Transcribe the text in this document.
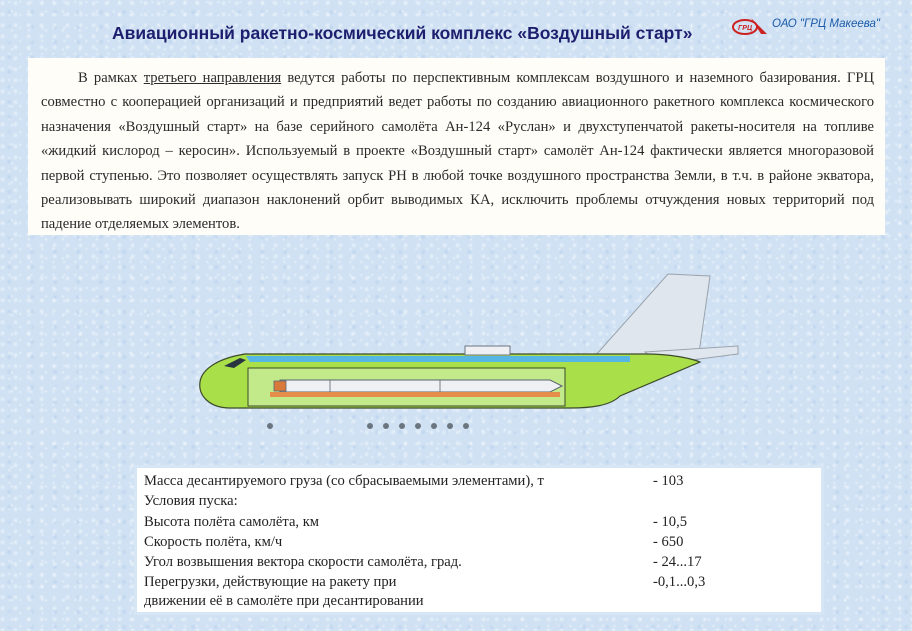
Авиационный ракетно-космический комплекс «Воздушный старт»	ГРЦ ОАО "ГРЦ Макеева"

В рамках третьего направления ведутся работы по перспективным комплексам воздушного и наземного базирования. ГРЦ совместно с кооперацией организаций и предприятий ведет работы по созданию авиационного ракетного комплекса космического назначения «Воздушный старт» на базе серийного самолёта Ан-124 «Руслан» и двухступенчатой ракеты-носителя на топливе «жидкий кислород – керосин». Используемый в проекте «Воздушный старт» самолёт Ан-124 фактически является многоразовой первой ступенью. Это позволяет осуществлять запуск РН в любой точке воздушного пространства Земли, в т.ч. в районе экватора, реализовывать широкий диапазон наклонений орбит выводимых КА, исключить проблемы отчуждения новых территорий под падение отделяемых элементов.

Масса десантируемого груза (со сбрасываемыми элементами), т	- 103
Условия пуска:
Высота полёта самолёта, км	- 10,5
Скорость полёта, км/ч	- 650
Угол возвышения вектора скорости самолёта, град.	- 24...17
Перегрузки, действующие на ракету при	-0,1...0,3
движении её в самолёте при десантировании
